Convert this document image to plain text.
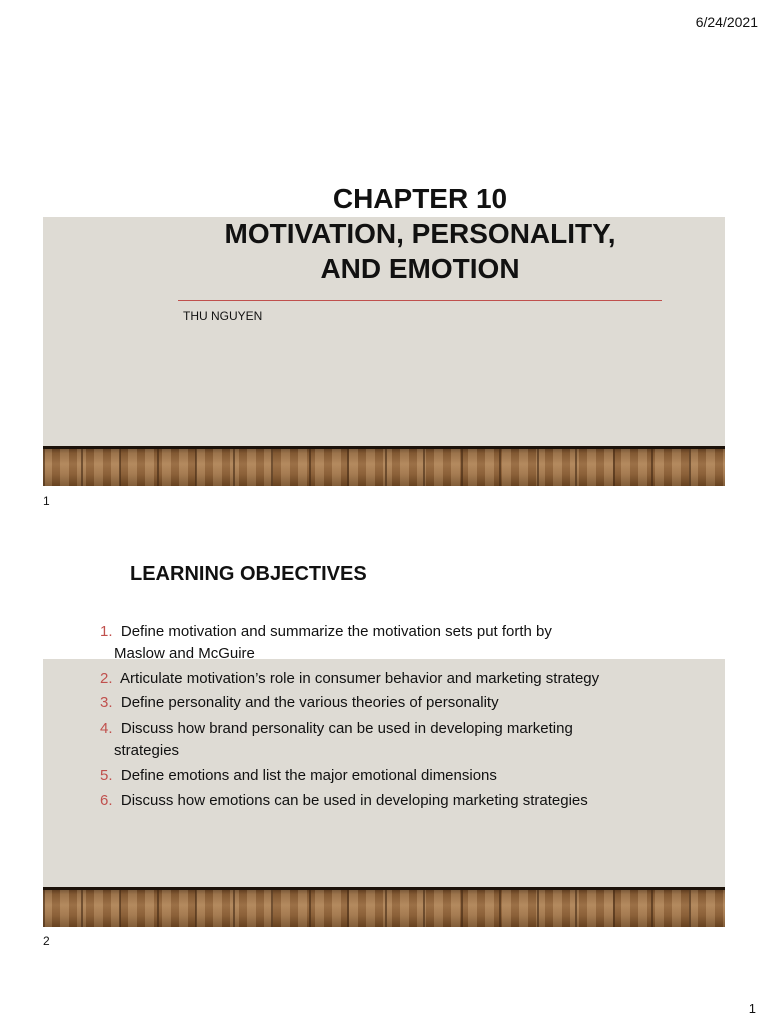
6/24/2021
CHAPTER 10
MOTIVATION, PERSONALITY,
AND EMOTION
THU NGUYEN
1
LEARNING OBJECTIVES
1. Define motivation and summarize the motivation sets put forth by
Maslow and McGuire
2. Articulate motivation’s role in consumer behavior and marketing strategy
3. Define personality and the various theories of personality
4. Discuss how brand personality can be used in developing marketing
strategies
5. Define emotions and list the major emotional dimensions
6. Discuss how emotions can be used in developing marketing strategies
2
1
